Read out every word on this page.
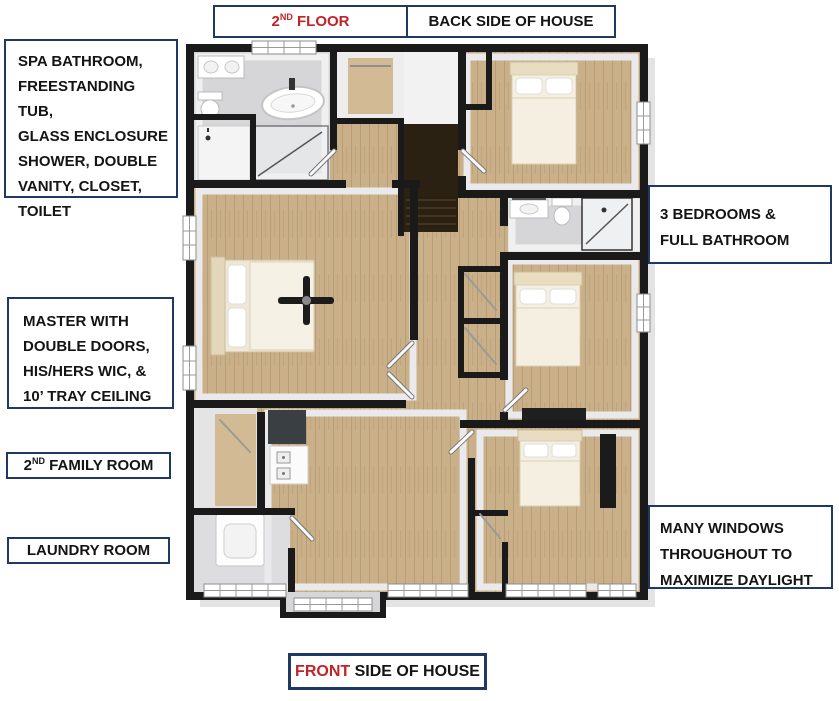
2ND FLOOR	BACK SIDE OF HOUSE
SPA BATHROOM,
FREESTANDING TUB,
GLASS ENCLOSURE
SHOWER, DOUBLE
VANITY, CLOSET,
TOILET
MASTER WITH
DOUBLE DOORS,
HIS/HERS WIC, &
10’ TRAY CEILING
2ND FAMILY ROOM
LAUNDRY ROOM
3 BEDROOMS &
FULL BATHROOM
MANY WINDOWS
THROUGHOUT TO
MAXIMIZE DAYLIGHT
FRONT SIDE OF HOUSE
